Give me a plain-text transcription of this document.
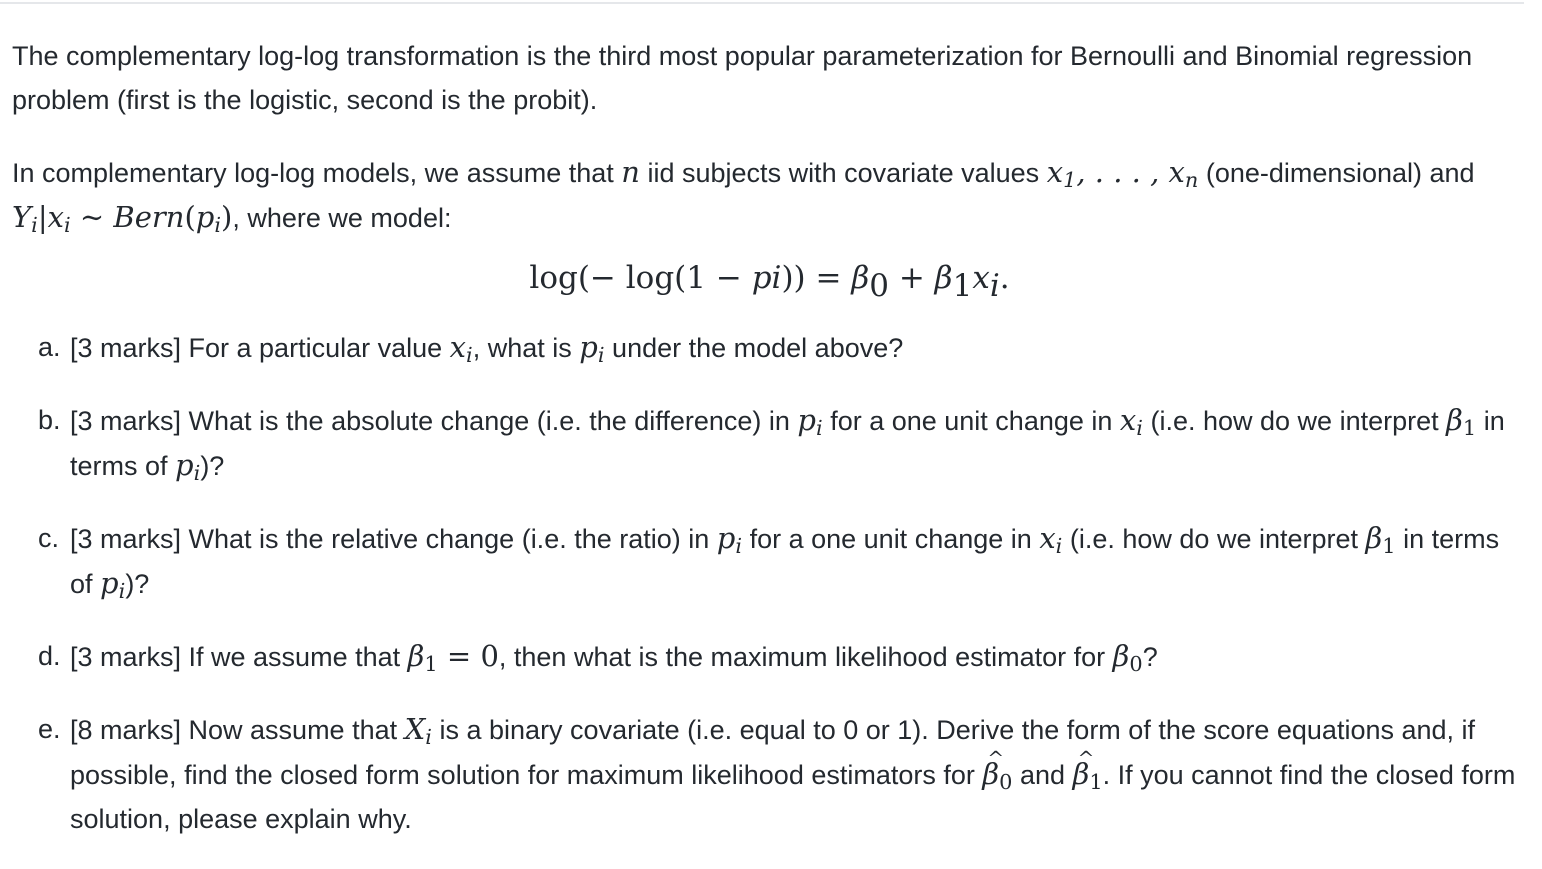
The complementary log-log transformation is the third most popular parameterization for Bernoulli and Binomial regression problem (first is the logistic, second is the probit).

In complementary log-log models, we assume that n iid subjects with covariate values $x_1$, . . . , $x_n$ (one-dimensional) and $Y_i|x_i$ ∼ $Bern(p_i)$, where we model:

$\log(- \log(1 - pi)) = \beta_0 + \beta_1x_i$.
a. [3 marks] For a particular value $x_i$, what is $p_i$ under the model above?
b. [3 marks] What is the absolute change (i.e. the difference) in $p_i$ for a one unit change in $x_i$ (i.e. how do we interpret $\beta_1$ in terms of $p_i$)?
c. [3 marks] What is the relative change (i.e. the ratio) in $p_i$ for a one unit change in $x_i$ (i.e. how do we interpret $\beta_1$ in terms of $p_i$)?
d. [3 marks] If we assume that $\beta_1 = 0$, then what is the maximum likelihood estimator for $\beta_0$?
e. [8 marks] Now assume that $X_i$ is a binary covariate (i.e. equal to 0 or 1). Derive the form of the score equations and, if possible, find the closed form solution for maximum likelihood estimators for ^ $\beta_0$ and ^ $\beta_1$. If you cannot find the closed form solution, please explain why.
